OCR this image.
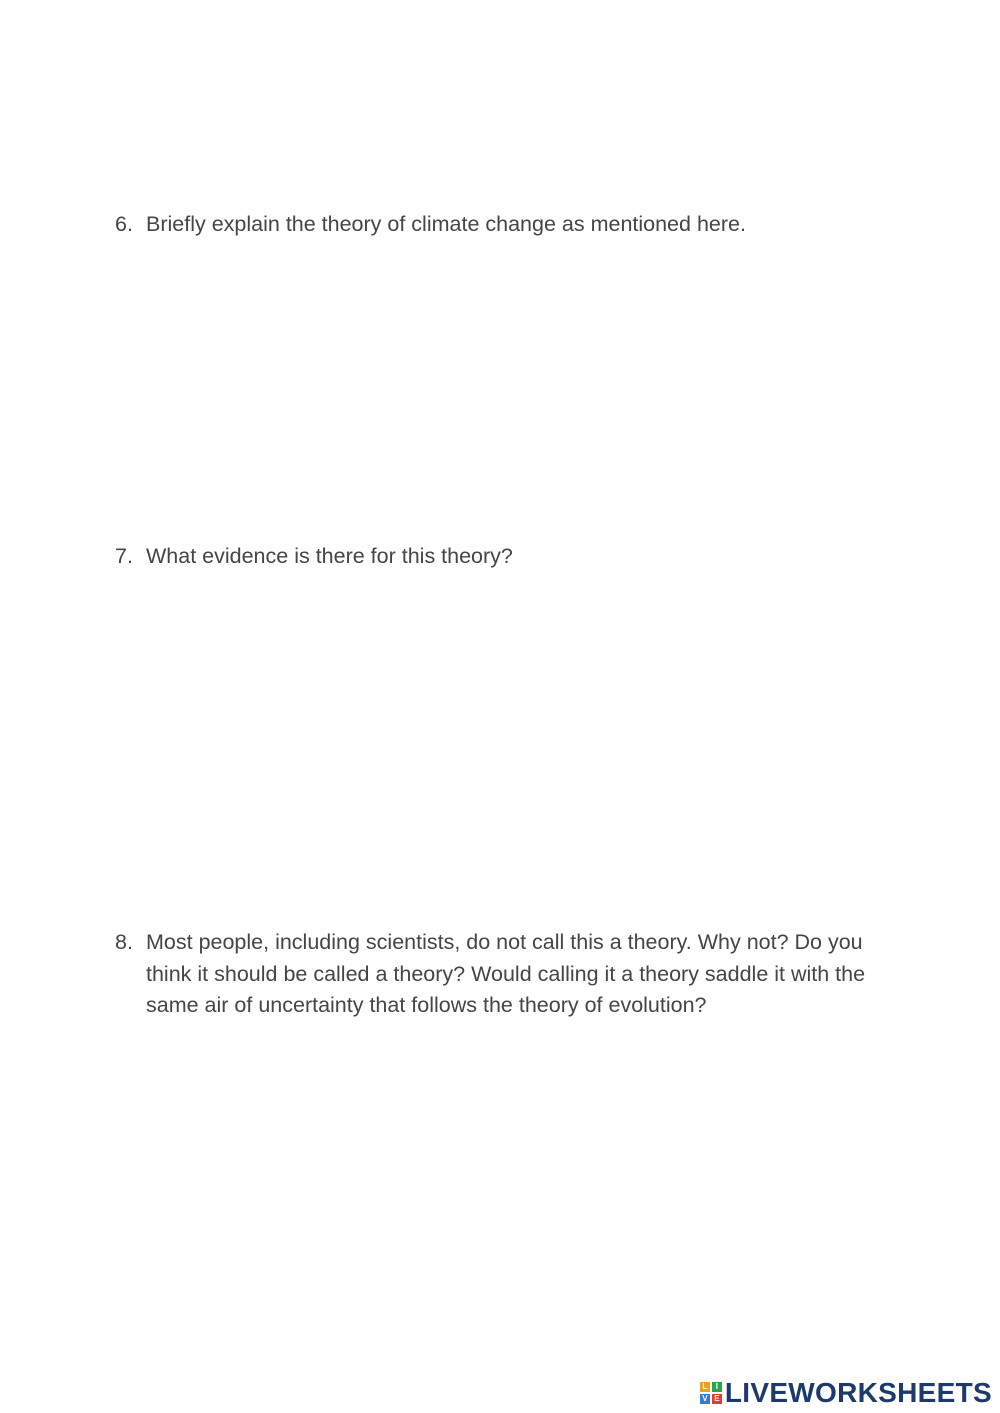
6. Briefly explain the theory of climate change as mentioned here.
7. What evidence is there for this theory?
8. Most people, including scientists, do not call this a theory. Why not? Do you think it should be called a theory? Would calling it a theory saddle it with the same air of uncertainty that follows the theory of evolution?
L	I
V E LIVEWORKSHEETS
